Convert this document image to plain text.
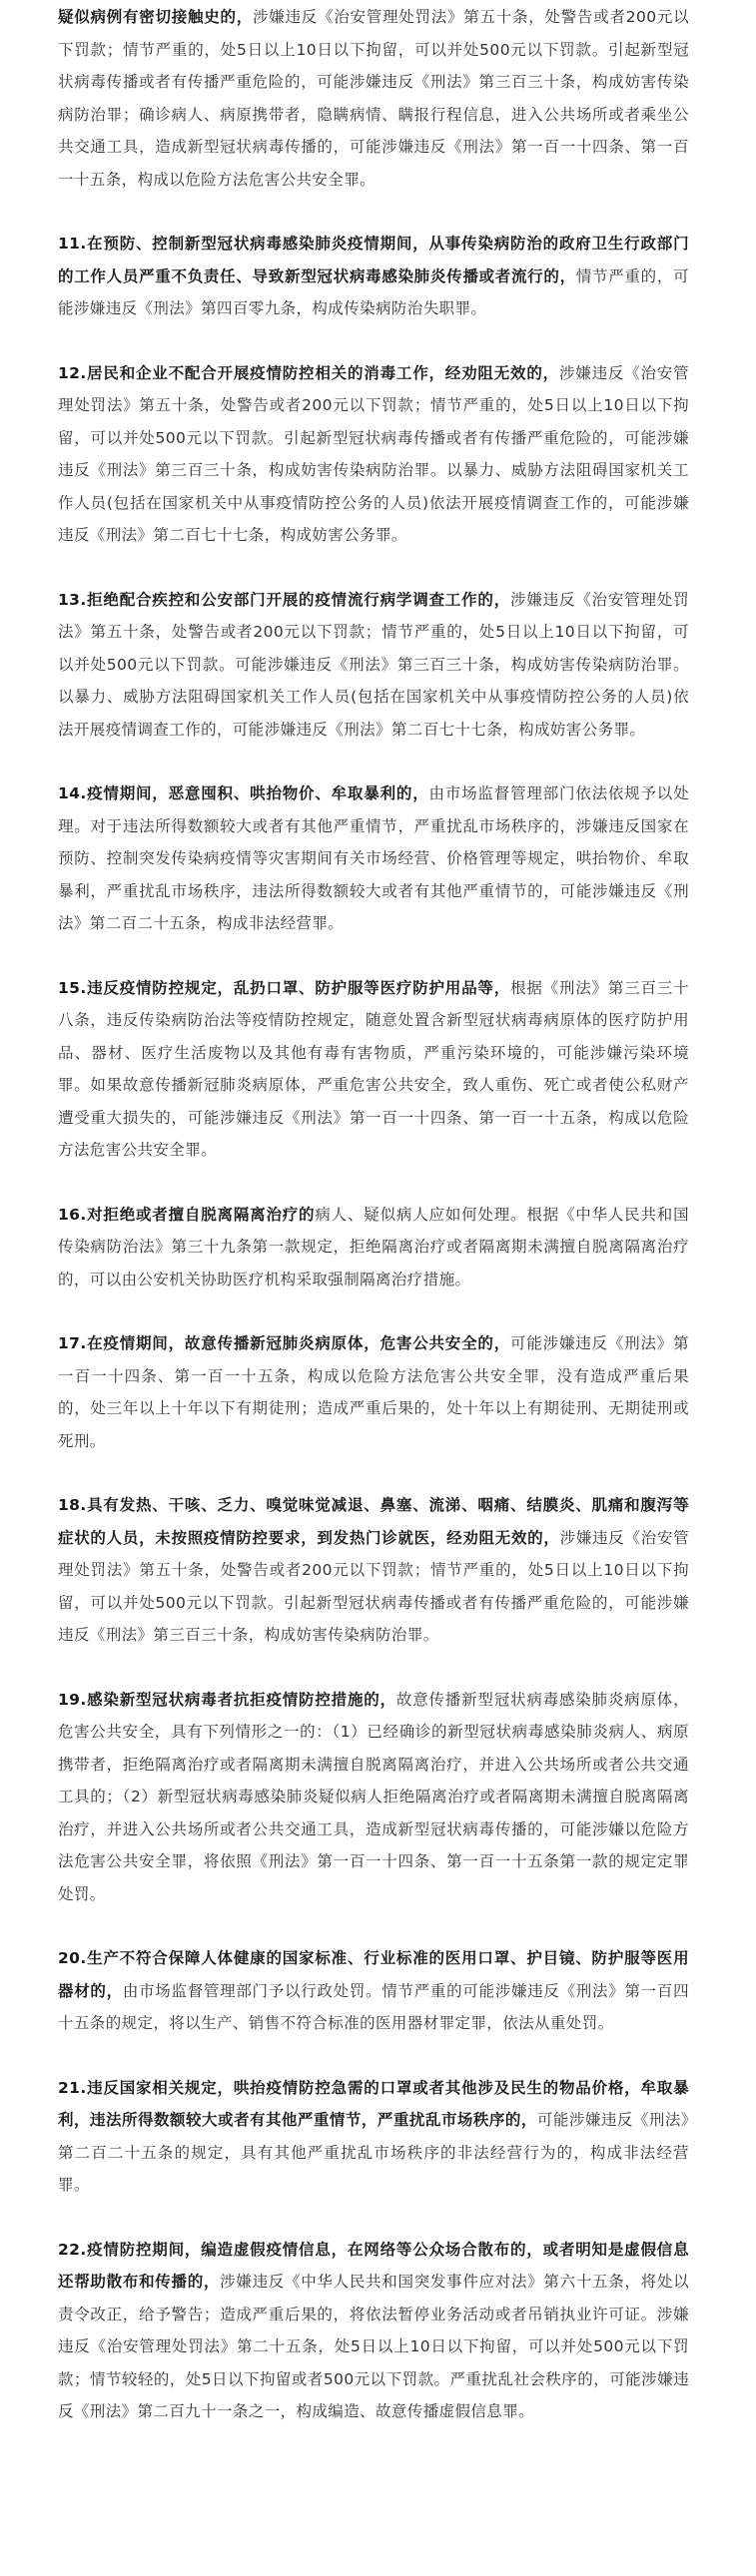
疑似病例有密切接触史的，涉嫌违反《治安管理处罚法》第五十条，处警告或者200元以下罚款；情节严重的，处5日以上10日以下拘留，可以并处500元以下罚款。引起新型冠状病毒传播或者有传播严重危险的，可能涉嫌违反《刑法》第三百三十条，构成妨害传染病防治罪；确诊病人、病原携带者，隐瞒病情、瞒报行程信息，进入公共场所或者乘坐公共交通工具，造成新型冠状病毒传播的，可能涉嫌违反《刑法》第一百一十四条、第一百一十五条，构成以危险方法危害公共安全罪。

11.在预防、控制新型冠状病毒感染肺炎疫情期间，从事传染病防治的政府卫生行政部门的工作人员严重不负责任、导致新型冠状病毒感染肺炎传播或者流行的，情节严重的，可能涉嫌违反《刑法》第四百零九条，构成传染病防治失职罪。

12.居民和企业不配合开展疫情防控相关的消毒工作，经劝阻无效的，涉嫌违反《治安管理处罚法》第五十条，处警告或者200元以下罚款；情节严重的，处5日以上10日以下拘留，可以并处500元以下罚款。引起新型冠状病毒传播或者有传播严重危险的，可能涉嫌违反《刑法》第三百三十条，构成妨害传染病防治罪。以暴力、威胁方法阻碍国家机关工作人员(包括在国家机关中从事疫情防控公务的人员)依法开展疫情调查工作的，可能涉嫌违反《刑法》第二百七十七条，构成妨害公务罪。

13.拒绝配合疾控和公安部门开展的疫情流行病学调查工作的，涉嫌违反《治安管理处罚法》第五十条，处警告或者200元以下罚款；情节严重的，处5日以上10日以下拘留，可以并处500元以下罚款。可能涉嫌违反《刑法》第三百三十条，构成妨害传染病防治罪。以暴力、威胁方法阻碍国家机关工作人员(包括在国家机关中从事疫情防控公务的人员)依法开展疫情调查工作的，可能涉嫌违反《刑法》第二百七十七条，构成妨害公务罪。

14.疫情期间，恶意囤积、哄抬物价、牟取暴利的，由市场监督管理部门依法依规予以处理。对于违法所得数额较大或者有其他严重情节，严重扰乱市场秩序的，涉嫌违反国家在预防、控制突发传染病疫情等灾害期间有关市场经营、价格管理等规定，哄抬物价、牟取暴利，严重扰乱市场秩序，违法所得数额较大或者有其他严重情节的，可能涉嫌违反《刑法》第二百二十五条，构成非法经营罪。

15.违反疫情防控规定，乱扔口罩、防护服等医疗防护用品等，根据《刑法》第三百三十八条，违反传染病防治法等疫情防控规定，随意处置含新型冠状病毒病原体的医疗防护用品、器材、医疗生活废物以及其他有毒有害物质，严重污染环境的，可能涉嫌污染环境罪。如果故意传播新冠肺炎病原体，严重危害公共安全，致人重伤、死亡或者使公私财产遭受重大损失的，可能涉嫌违反《刑法》第一百一十四条、第一百一十五条，构成以危险方法危害公共安全罪。

16.对拒绝或者擅自脱离隔离治疗的病人、疑似病人应如何处理。根据《中华人民共和国传染病防治法》第三十九条第一款规定，拒绝隔离治疗或者隔离期未满擅自脱离隔离治疗的，可以由公安机关协助医疗机构采取强制隔离治疗措施。

17.在疫情期间，故意传播新冠肺炎病原体，危害公共安全的，可能涉嫌违反《刑法》第一百一十四条、第一百一十五条，构成以危险方法危害公共安全罪，没有造成严重后果的，处三年以上十年以下有期徒刑；造成严重后果的，处十年以上有期徒刑、无期徒刑或死刑。

18.具有发热、干咳、乏力、嗅觉味觉减退、鼻塞、流涕、咽痛、结膜炎、肌痛和腹泻等症状的人员，未按照疫情防控要求，到发热门诊就医，经劝阻无效的，涉嫌违反《治安管理处罚法》第五十条，处警告或者200元以下罚款；情节严重的，处5日以上10日以下拘留，可以并处500元以下罚款。引起新型冠状病毒传播或者有传播严重危险的，可能涉嫌违反《刑法》第三百三十条，构成妨害传染病防治罪。

19.感染新型冠状病毒者抗拒疫情防控措施的，故意传播新型冠状病毒感染肺炎病原体，危害公共安全，具有下列情形之一的：（1）已经确诊的新型冠状病毒感染肺炎病人、病原携带者，拒绝隔离治疗或者隔离期未满擅自脱离隔离治疗，并进入公共场所或者公共交通工具的；（2）新型冠状病毒感染肺炎疑似病人拒绝隔离治疗或者隔离期未满擅自脱离隔离治疗，并进入公共场所或者公共交通工具，造成新型冠状病毒传播的，可能涉嫌以危险方法危害公共安全罪，将依照《刑法》第一百一十四条、第一百一十五条第一款的规定定罪处罚。

20.生产不符合保障人体健康的国家标准、行业标准的医用口罩、护目镜、防护服等医用器材的，由市场监督管理部门予以行政处罚。情节严重的可能涉嫌违反《刑法》第一百四十五条的规定，将以生产、销售不符合标准的医用器材罪定罪，依法从重处罚。

21.违反国家相关规定，哄抬疫情防控急需的口罩或者其他涉及民生的物品价格，牟取暴利，违法所得数额较大或者有其他严重情节，严重扰乱市场秩序的，可能涉嫌违反《刑法》第二百二十五条的规定，具有其他严重扰乱市场秩序的非法经营行为的，构成非法经营罪。

22.疫情防控期间，编造虚假疫情信息，在网络等公众场合散布的，或者明知是虚假信息还帮助散布和传播的，涉嫌违反《中华人民共和国突发事件应对法》第六十五条，将处以责令改正，给予警告；造成严重后果的，将依法暂停业务活动或者吊销执业许可证。涉嫌违反《治安管理处罚法》第二十五条，处5日以上10日以下拘留，可以并处500元以下罚款；情节较轻的，处5日以下拘留或者500元以下罚款。严重扰乱社会秩序的，可能涉嫌违反《刑法》第二百九十一条之一，构成编造、故意传播虚假信息罪。
